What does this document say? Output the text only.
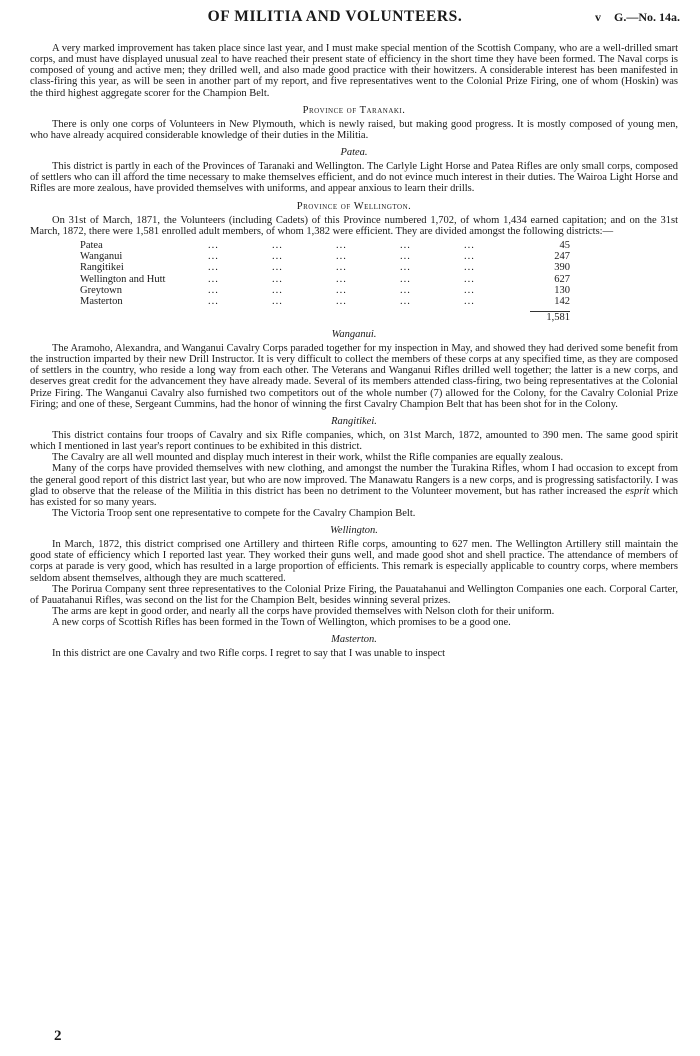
OF MILITIA AND VOLUNTEERS.	v G.—No. 14a.

A very marked improvement has taken place since last year, and I must make special mention of the Scottish Company, who are a well-drilled smart corps, and must have displayed unusual zeal to have reached their present state of efficiency in the short time they have been formed. The Naval corps is composed of young and active men; they drilled well, and also made good practice with their howitzers. A considerable interest has been manifested in class-firing this year, as will be seen in another part of my report, and five representatives went to the Colonial Prize Firing, one of whom (Hoskin) was the third highest aggregate scorer for the Champion Belt.

Province of Taranaki.

There is only one corps of Volunteers in New Plymouth, which is newly raised, but making good progress. It is mostly composed of young men, who have already acquired considerable knowledge of their duties in the Militia.

Patea.

This district is partly in each of the Provinces of Taranaki and Wellington. The Carlyle Light Horse and Patea Rifles are only small corps, composed of settlers who can ill afford the time necessary to make themselves efficient, and do not evince much interest in their duties. The Wairoa Light Horse and Rifles are more zealous, have provided themselves with uniforms, and appear anxious to learn their drills.

Province of Wellington.

On 31st of March, 1871, the Volunteers (including Cadets) of this Province numbered 1,702, of whom 1,434 earned capitation; and on the 31st March, 1872, there were 1,581 enrolled adult members, of whom 1,382 were efficient. They are divided amongst the following districts:—

Patea	...	...	...	...	...	45
Wanganui	...	...	...	...	...	247
Rangitikei	...	...	...	...	...	390
Wellington and Hutt	...	...	...	...	...	627
Greytown	...	...	...	...	...	130
Masterton	...	...	...	...	...	142

1,581
Wanganui.

The Aramoho, Alexandra, and Wanganui Cavalry Corps paraded together for my inspection in May, and showed they had derived some benefit from the instruction imparted by their new Drill Instructor. It is very difficult to collect the members of these corps at any specified time, as they are composed of settlers in the country, who reside a long way from each other. The Veterans and Wanganui Rifles drilled well together; the latter is a new corps, and deserves great credit for the advancement they have already made. Several of its members attended class-firing, two being representatives at the Colonial Prize Firing. The Wanganui Cavalry also furnished two competitors out of the whole number (7) allowed for the Colony, for the Cavalry Colonial Prize Firing; and one of these, Sergeant Cummins, had the honor of winning the first Cavalry Champion Belt that has been shot for in the Colony.

Rangitikei.

This district contains four troops of Cavalry and six Rifle companies, which, on 31st March, 1872, amounted to 390 men. The same good spirit which I mentioned in last year's report continues to be exhibited in this district.

The Cavalry are all well mounted and display much interest in their work, whilst the Rifle companies are equally zealous.

Many of the corps have provided themselves with new clothing, and amongst the number the Turakina Rifles, whom I had occasion to except from the general good report of this district last year, but who are now improved. The Manawatu Rangers is a new corps, and is progressing satisfactorily. I was glad to observe that the release of the Militia in this district has been no detriment to the Volunteer movement, but has rather increased the esprit which has existed for so many years.

The Victoria Troop sent one representative to compete for the Cavalry Champion Belt.

Wellington.

In March, 1872, this district comprised one Artillery and thirteen Rifle corps, amounting to 627 men. The Wellington Artillery still maintain the good state of efficiency which I reported last year. They worked their guns well, and made good shot and shell practice. The attendance of members of corps at parade is very good, which has resulted in a large proportion of efficients. This remark is especially applicable to country corps, where members seldom absent themselves, although they are much scattered.

The Porirua Company sent three representatives to the Colonial Prize Firing, the Pauatahanui and Wellington Companies one each. Corporal Carter, of Pauatahanui Rifles, was second on the list for the Champion Belt, besides winning several prizes.

The arms are kept in good order, and nearly all the corps have provided themselves with Nelson cloth for their uniform.

A new corps of Scottish Rifles has been formed in the Town of Wellington, which promises to be a good one.

Masterton.

In this district are one Cavalry and two Rifle corps. I regret to say that I was unable to inspect

2
